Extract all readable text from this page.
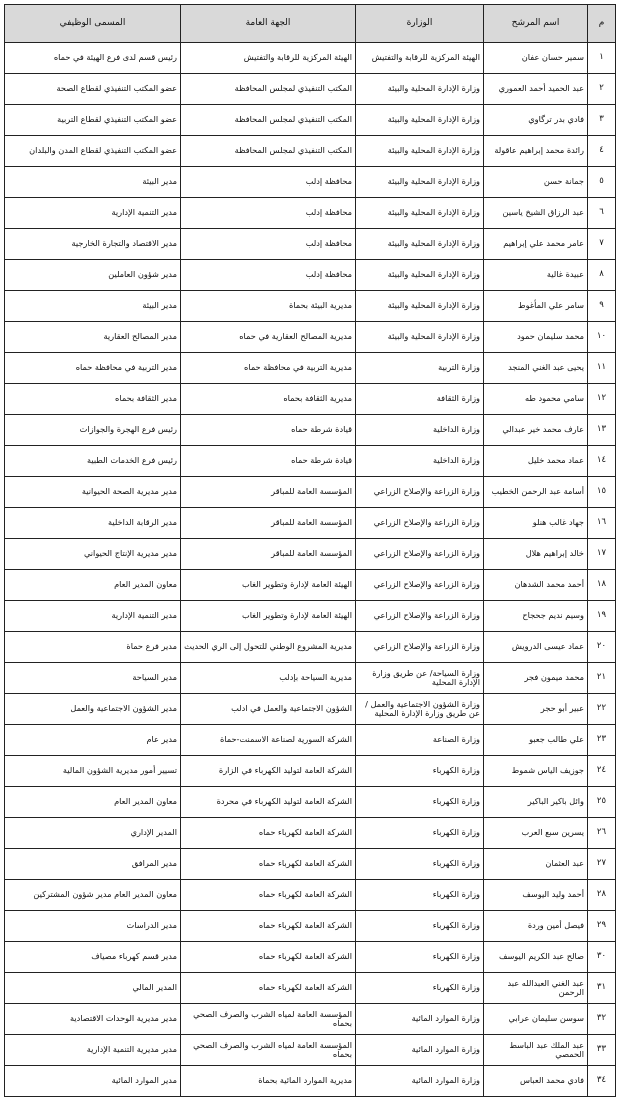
م	اسم المرشح	الوزارة	الجهة العامة	المسمى الوظيفي
١	سمير حسان عفان	الهيئة المركزية للرقابة والتفتيش	الهيئة المركزية للرقابة والتفتيش	رئيس قسم لدى فرع الهيئة في حماه
٢	عبد الحميد أحمد العموري	وزارة الإدارة المحلية والبيئة	المكتب التنفيذي لمجلس المحافظة	عضو المكتب التنفيذي لقطاع الصحة
٣	فادي بدر ترگاوي	وزارة الإدارة المحلية والبيئة	المكتب التنفيذي لمجلس المحافظة	عضو المكتب التنفيذي لقطاع التربية
٤	رائدة محمد إبراهيم عاقولة	وزارة الإدارة المحلية والبيئة	المكتب التنفيذي لمجلس المحافظة	عضو المكتب التنفيذي لقطاع المدن والبلدان
٥	جمانة حسن	وزارة الإدارة المحلية والبيئة	محافظة إدلب	مدير البيئة
٦	عبد الرزاق الشيخ ياسين	وزارة الإدارة المحلية والبيئة	محافظة إدلب	مدير التنمية الإدارية
٧	عامر محمد علي إبراهيم	وزارة الإدارة المحلية والبيئة	محافظة إدلب	مدير الاقتصاد والتجارة الخارجية
٨	عبيدة غالية	وزارة الإدارة المحلية والبيئة	محافظة إدلب	مدير شؤون العاملين
٩	سامر علي المأغوط	وزارة الإدارة المحلية والبيئة	مديرية البيئة بحماة	مدير البيئة
١٠	محمد سليمان حمود	وزارة الإدارة المحلية والبيئة	مديرية المصالح العقارية في حماه	مدير المصالح العقارية
١١	يحيى عبد الغني المنجد	وزارة التربية	مديرية التربية في محافظة حماه	مدير التربية في محافظة حماه
١٢	سامي محمود طه	وزارة الثقافة	مديرية الثقافة بحماه	مدير الثقافة بحماه
١٣	عارف محمد خير عبدالي	وزارة الداخلية	قيادة شرطة حماه	رئيس فرع الهجرة والجوازات
١٤	عماد محمد خليل	وزارة الداخلية	قيادة شرطة حماه	رئيس فرع الخدمات الطبية
١٥	أسامة عبد الرحمن الخطيب	وزارة الزراعة والإصلاح الزراعي	المؤسسة العامة للمباقر	مدير مديرية الصحة الحيوانية
١٦	جهاد غالب هنلو	وزارة الزراعة والإصلاح الزراعي	المؤسسة العامة للمباقر	مدير الرقابة الداخلية
١٧	خالد إبراهيم هلال	وزارة الزراعة والإصلاح الزراعي	المؤسسة العامة للمباقر	مدير مديرية الإنتاج الحيواني
١٨	أحمد محمد الشدهان	وزارة الزراعة والإصلاح الزراعي	الهيئة العامة لإدارة وتطوير الغاب	معاون المدير العام
١٩	وسيم نديم جحجاح	وزارة الزراعة والإصلاح الزراعي	الهيئة العامة لإدارة وتطوير الغاب	مدير التنمية الإدارية
٢٠	عماد عيسى الدرويش	وزارة الزراعة والإصلاح الزراعي	مديرية المشروع الوطني للتحول إلى الري الحديث	مدير فرع حماة
٢١	محمد ميمون فجر	وزارة السياحة/ عن طريق وزارة الإدارة المحلية	مديرية السياحة بإدلب	مدير السياحة
٢٢	عبير أبو حجر	وزارة الشؤون الاجتماعية والعمل /عن طريق وزارة الإدارة المحلية	الشؤون الاجتماعية والعمل في ادلب	مدير الشؤون الاجتماعية والعمل
٢٣	علي طالب جعبو	وزارة الصناعة	الشركة السورية لصناعة الاسمنت-حماة	مدير عام
٢٤	جوزيف الياس شموط	وزارة الكهرباء	الشركة العامة لتوليد الكهرباء في الزارة	تسيير أمور مديرية الشؤون المالية
٢٥	وائل باكير الباكير	وزارة الكهرباء	الشركة العامة لتوليد الكهرباء في محردة	معاون المدير العام
٢٦	يسرين سبع العرب	وزارة الكهرباء	الشركة العامة لكهرباء حماه	المدير الإداري
٢٧	عبد العثمان	وزارة الكهرباء	الشركة العامة لكهرباء حماه	مدير المرافق
٢٨	أحمد وليد اليوسف	وزارة الكهرباء	الشركة العامة لكهرباء حماه	معاون المدير العام مدير شؤون المشتركين
٢٩	فيصل أمين وردة	وزارة الكهرباء	الشركة العامة لكهرباء حماه	مدير الدراسات
٣٠	صالح عبد الكريم اليوسف	وزارة الكهرباء	الشركة العامة لكهرباء حماه	مدير قسم كهرباء مصياف
٣١	عبد الغني العبدالله عبد الرحمن	وزارة الكهرباء	الشركة العامة لكهرباء حماه	المدير المالي
٣٢	سوسن سليمان عرابي	وزارة الموارد المائية	المؤسسة العامة لمياه الشرب والصرف الصحي بحماه	مدير مديرية الوحدات الاقتصادية
٣٣	عبد الملك عبد الباسط الحمصي	وزارة الموارد المائية	المؤسسة العامة لمياه الشرب والصرف الصحي بحماه	مدير مديرية التنمية الإدارية
٣٤	فادي محمد العباس	وزارة الموارد المائية	مديرية الموارد المائية بحماة	مدير الموارد المائية
